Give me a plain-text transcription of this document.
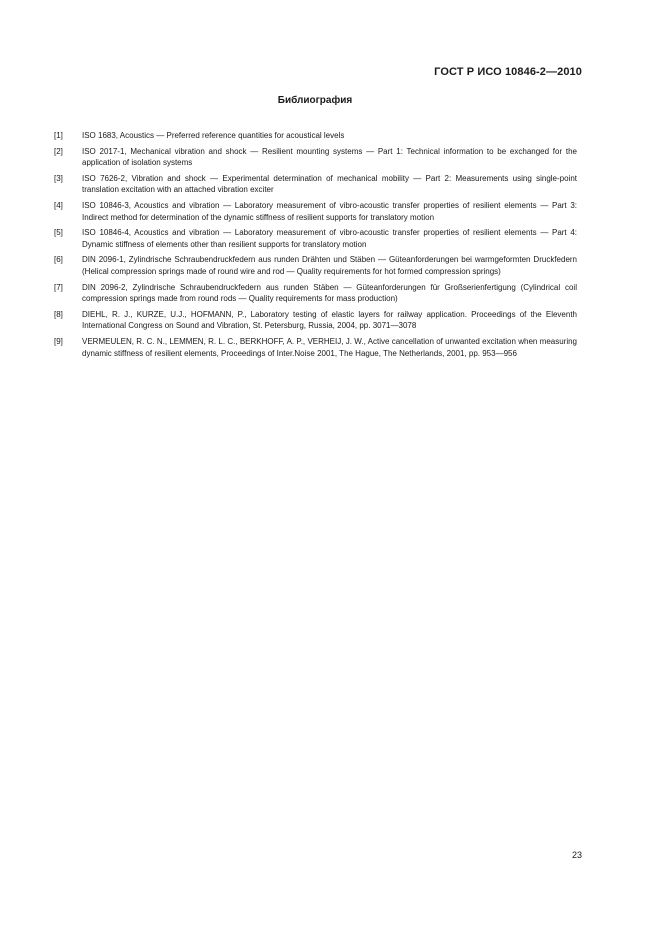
ГОСТ Р ИСО 10846-2—2010
Библиография
[1]	ISO 1683, Acoustics — Preferred reference quantities for acoustical levels
[2]	ISO 2017-1, Mechanical vibration and shock — Resilient mounting systems — Part 1: Technical information to be exchanged for the application of isolation systems
[3]	ISO 7626-2, Vibration and shock — Experimental determination of mechanical mobility — Part 2: Measurements using single-point translation excitation with an attached vibration exciter
[4]	ISO 10846-3, Acoustics and vibration — Laboratory measurement of vibro-acoustic transfer properties of resilient elements — Part 3: Indirect method for determination of the dynamic stiffness of resilient supports for translatory motion
[5]	ISO 10846-4, Acoustics and vibration — Laboratory measurement of vibro-acoustic transfer properties of resilient elements — Part 4: Dynamic stiffness of elements other than resilient supports for translatory motion
[6]	DIN 2096-1, Zylindrische Schraubendruckfedern aus runden Drähten und Stäben — Güteanforderungen bei warmgeformten Druckfedern (Helical compression springs made of round wire and rod — Quality requirements for hot formed compression springs)
[7]	DIN 2096-2, Zylindrische Schraubendruckfedern aus runden Stäben — Güteanforderungen für Großserienfertigung (Cylindrical coil compression springs made from round rods — Quality requirements for mass production)
[8]	DIEHL, R. J., KURZE, U.J., HOFMANN, P., Laboratory testing of elastic layers for railway application. Proceedings of the Eleventh International Congress on Sound and Vibration, St. Petersburg, Russia, 2004, pp. 3071—3078
[9]	VERMEULEN, R. C. N., LEMMEN, R. L. C., BERKHOFF, A. P., VERHEIJ, J. W., Active cancellation of unwanted excitation when measuring dynamic stiffness of resilient elements, Proceedings of Inter.Noise 2001, The Hague, The Netherlands, 2001, pp. 953—956
23
